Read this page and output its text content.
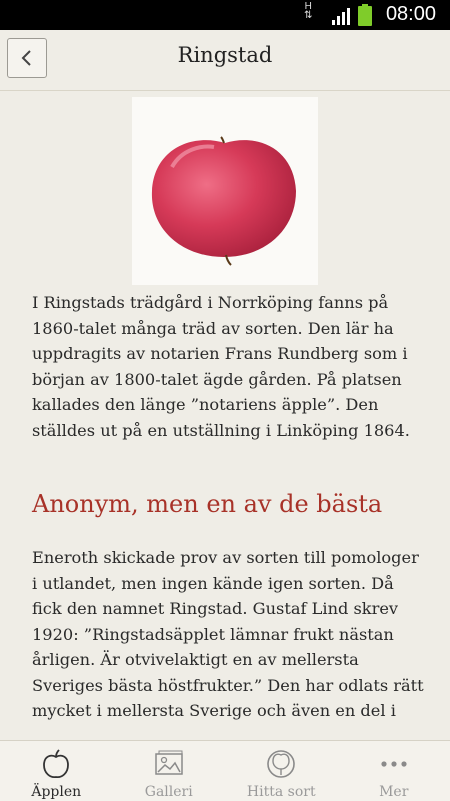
H
⇅	08:00
Ringstad

I Ringstads trädgård i Norrköping fanns på 1860-talet många träd av sorten. Den lär ha uppdragits av notarien Frans Rundberg som i början av 1800-talet ägde gården. På platsen kallades den länge ”notariens äpple”. Den ställdes ut på en utställning i Linköping 1864.

Anonym, men en av de bästa

Eneroth skickade prov av sorten till pomologer i utlandet, men ingen kände igen sorten. Då fick den namnet Ringstad. Gustaf Lind skrev 1920: ”Ringstadsäpplet lämnar frukt nästan årligen. Är otvivelaktigt en av mellersta Sveriges bästa höstfrukter.” Den har odlats rätt mycket i mellersta Sverige och även en del i

Äpplen	Galleri	Hitta sort	Mer
